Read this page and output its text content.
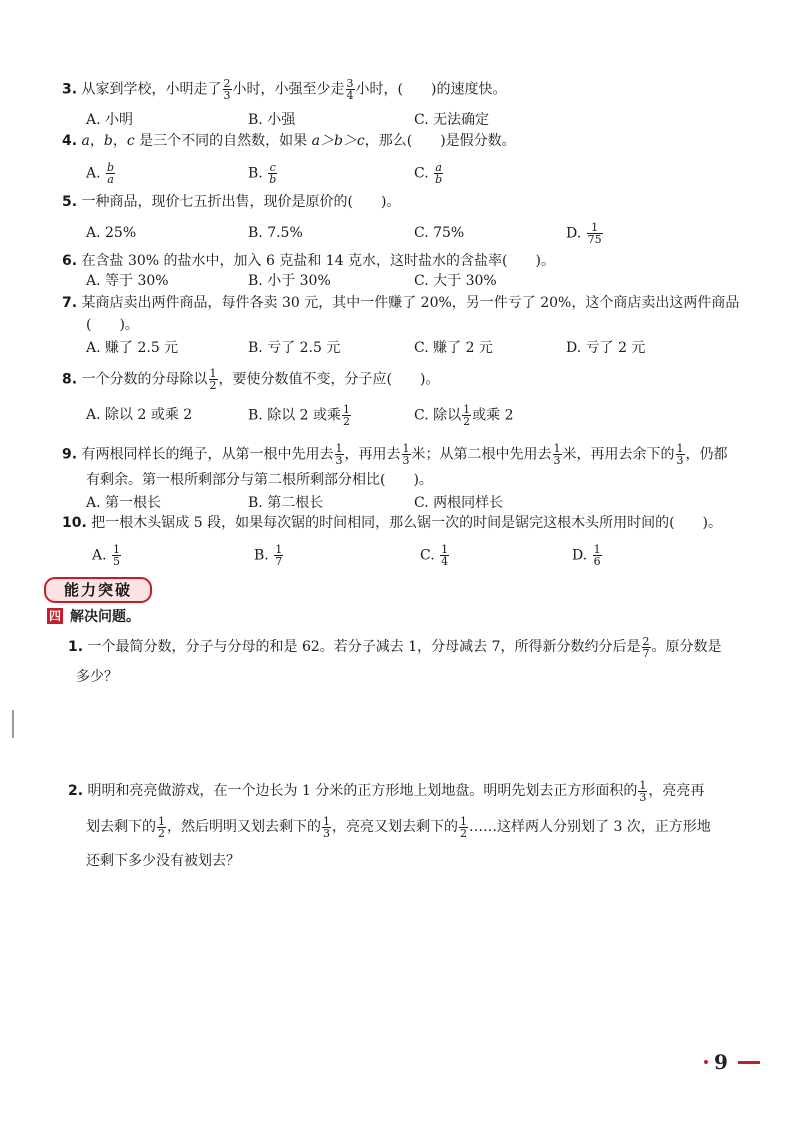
3. 从家到学校，小明走了 $\frac{2}{3}$ 小时，小强至少走 $\frac{3}{4}$ 小时，(　　)的速度快。
A. 小明	B. 小强	C. 无法确定
4. a，b，c 是三个不同的自然数，如果 a＞b＞c，那么(　　)是假分数。
A. $\frac{b}{a}$	B. $\frac{c}{b}$	C. $\frac{a}{b}$
5. 一种商品，现价七五折出售，现价是原价的(　　)。
A. 25%	B. 7.5%	C. 75%	D. $\frac{1}{75}$
6. 在含盐 30% 的盐水中，加入 6 克盐和 14 克水，这时盐水的含盐率(　　)。
A. 等于 30%	B. 小于 30%	C. 大于 30%
7. 某商店卖出两件商品，每件各卖 30 元，其中一件赚了 20%，另一件亏了 20%，这个商店卖出这两件商品
(　　)。
A. 赚了 2.5 元	B. 亏了 2.5 元	C. 赚了 2 元	D. 亏了 2 元
8. 一个分数的分母除以 $\frac{1}{2}$ ，要使分数值不变，分子应(　　)。
A. 除以 2 或乘 2	B. 除以 2 或乘 $\frac{1}{2}$	C. 除以 $\frac{1}{2}$ 或乘 2
9. 有两根同样长的绳子，从第一根中先用去 $\frac{1}{3}$ ，再用去 $\frac{1}{3}$ 米；从第二根中先用去 $\frac{1}{3}$ 米，再用去余下的 $\frac{1}{3}$ ，仍都
有剩余。第一根所剩部分与第二根所剩部分相比(　　)。
A. 第一根长	B. 第二根长	C. 两根同样长
10. 把一根木头锯成 5 段，如果每次锯的时间相同，那么锯一次的时间是锯完这根木头所用时间的(　　)。
A. $\frac{1}{5}$	B. $\frac{1}{7}$	C. $\frac{1}{4}$	D. $\frac{1}{6}$
能力突破
四 解决问题。
1. 一个最简分数，分子与分母的和是 62。若分子减去 1，分母减去 7，所得新分数约分后是 $\frac{2}{7}$ 。原分数是
多少？
2. 明明和亮亮做游戏，在一个边长为 1 分米的正方形地上划地盘。明明先划去正方形面积的 $\frac{1}{3}$ ，亮亮再
划去剩下的 $\frac{1}{2}$ ，然后明明又划去剩下的 $\frac{1}{3}$ ，亮亮又划去剩下的 $\frac{1}{2}$ ……这样两人分别划了 3 次，正方形地
还剩下多少没有被划去？
9
